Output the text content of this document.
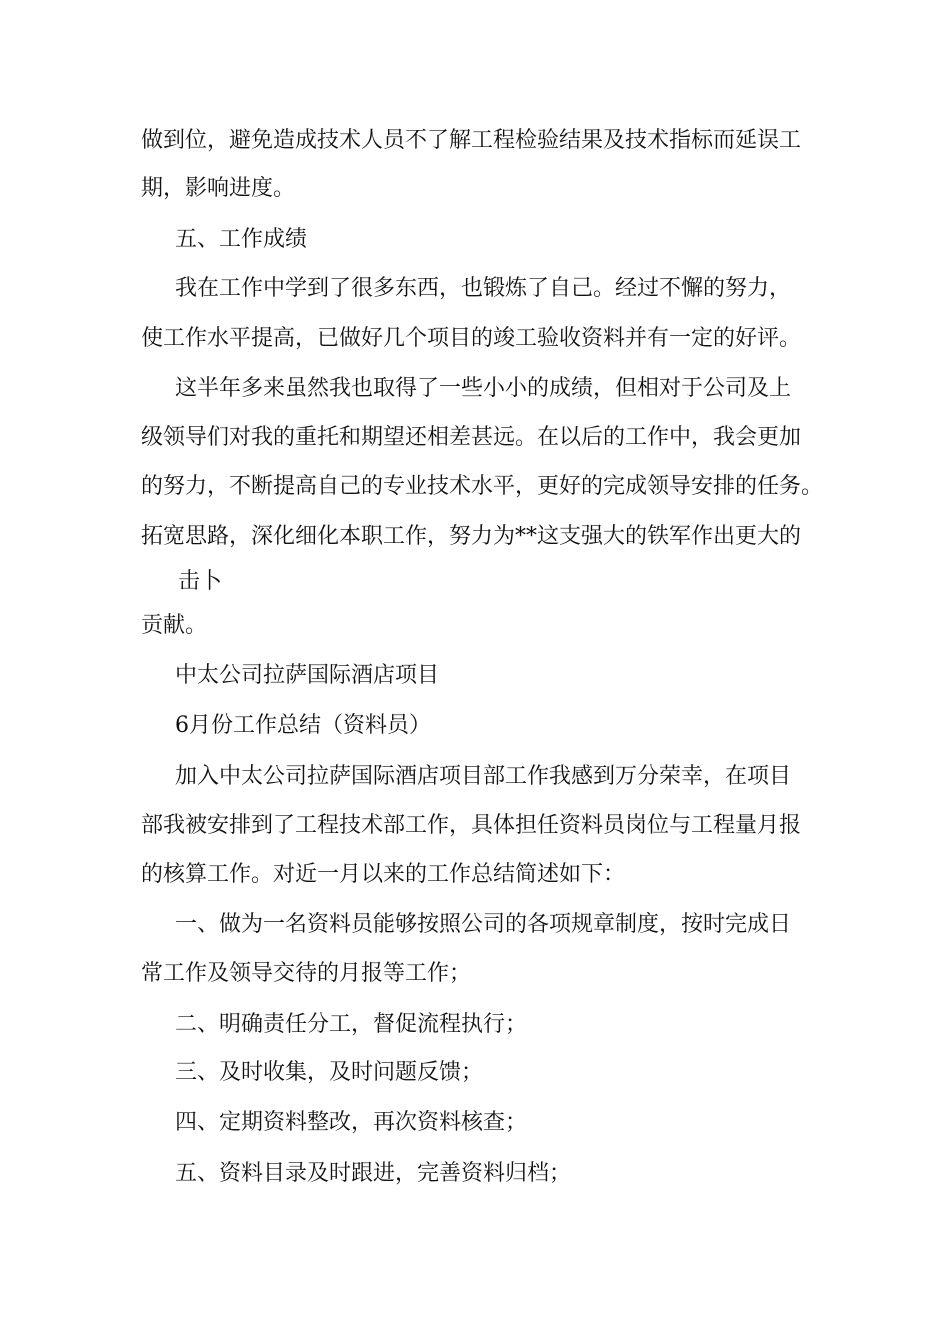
做到位，避免造成技术人员不了解工程检验结果及技术指标而延误工

期，影响进度。

五、工作成绩

我在工作中学到了很多东西，也锻炼了自己。经过不懈的努力，

使工作水平提高，已做好几个项目的竣工验收资料并有一定的好评。

这半年多来虽然我也取得了一些小小的成绩，但相对于公司及上

级领导们对我的重托和期望还相差甚远。在以后的工作中，我会更加

的努力，不断提高自己的专业技术水平，更好的完成领导安排的任务。

拓宽思路，深化细化本职工作，努力为**这支强大的铁军作出更大的

击卜

贡献。

中太公司拉萨国际酒店项目

6月份工作总结（资料员）

加入中太公司拉萨国际酒店项目部工作我感到万分荣幸，在项目

部我被安排到了工程技术部工作，具体担任资料员岗位与工程量月报

的核算工作。对近一月以来的工作总结简述如下：

一、做为一名资料员能够按照公司的各项规章制度，按时完成日

常工作及领导交待的月报等工作；

二、明确责任分工，督促流程执行；

三、及时收集，及时问题反馈；

四、定期资料整改，再次资料核查；

五、资料目录及时跟进，完善资料归档；
